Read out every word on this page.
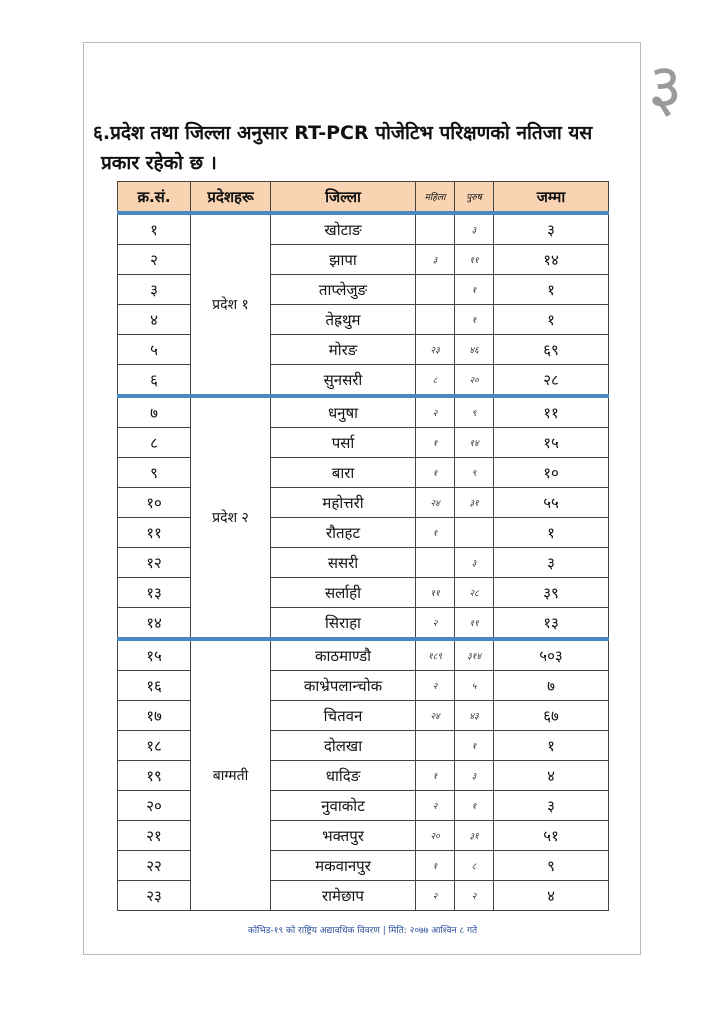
३
६.प्रदेश तथा जिल्ला अनुसार RT-PCR पोजेटिभ परिक्षणको नतिजा यस
प्रकार रहेको छ ।
क्र.सं.	प्रदेशहरू	जिल्ला	महिला	पुरुष	जम्मा
१	प्रदेश १	खोटाङ		३	३
२		झापा	३	११	१४
३		ताप्लेजुङ		१	१
४		तेह्रथुम		१	१
५		मोरङ	२३	४६	६९
६		सुनसरी	८	२०	२८
७	प्रदेश २	धनुषा	२	९	११
८		पर्सा	१	१४	१५
९		बारा	१	९	१०
१०		महोत्तरी	२४	३१	५५
११		रौतहट	१		१
१२		ससरी		३	३
१३		सर्लाही	११	२८	३९
१४		सिराहा	२	११	१३
१५	बाग्मती	काठमाण्डौ	१८९	३१४	५०३
१६		काभ्रेपलान्चोक	२	५	७
१७		चितवन	२४	४३	६७
१८		दोलखा		१	१
१९		धादिङ	१	३	४
२०		नुवाकोट	२	१	३
२१		भक्तपुर	२०	३१	५१
२२		मकवानपुर	१	८	९
२३		रामेछाप	२	२	४
कोभिड-१९ को राष्ट्रिय अद्यावधिक विवरण | मिति: २०७७ आश्विन ८ गते
